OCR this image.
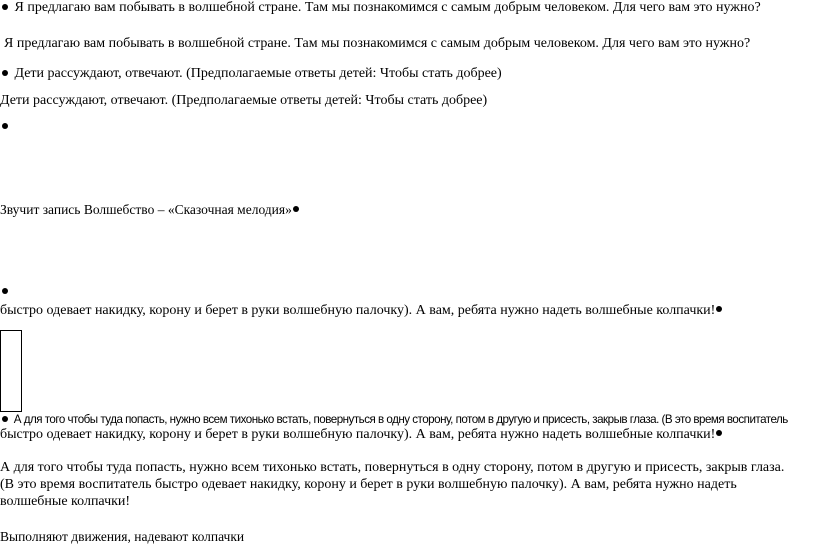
Я предлагаю вам побывать в волшебной стране. Там мы познакомимся с самым добрым человеком. Для чего вам это нужно?
Я предлагаю вам побывать в волшебной стране. Там мы познакомимся с самым добрым человеком. Для чего вам это нужно?
Дети рассуждают, отвечают. (Предполагаемые ответы детей: Чтобы стать добрее)
Дети рассуждают, отвечают. (Предполагаемые ответы детей: Чтобы стать добрее)
Звучит запись Волшебство – «Сказочная мелодия»
быстро одевает накидку, корону и берет в руки волшебную палочку). А вам, ребята нужно надеть волшебные колпачки!
А для того чтобы туда попасть, нужно всем тихонько встать, повернуться в одну сторону, потом в другую и присесть, закрыв глаза. (В это время воспитатель
быстро одевает накидку, корону и берет в руки волшебную палочку). А вам, ребята нужно надеть волшебные колпачки!
А для того чтобы туда попасть, нужно всем тихонько встать, повернуться в одну сторону, потом в другую и присесть, закрыв глаза. (В это время воспитатель быстро одевает накидку, корону и берет в руки волшебную палочку). А вам, ребята нужно надеть волшебные колпачки!
Выполняют движения, надевают колпачки
